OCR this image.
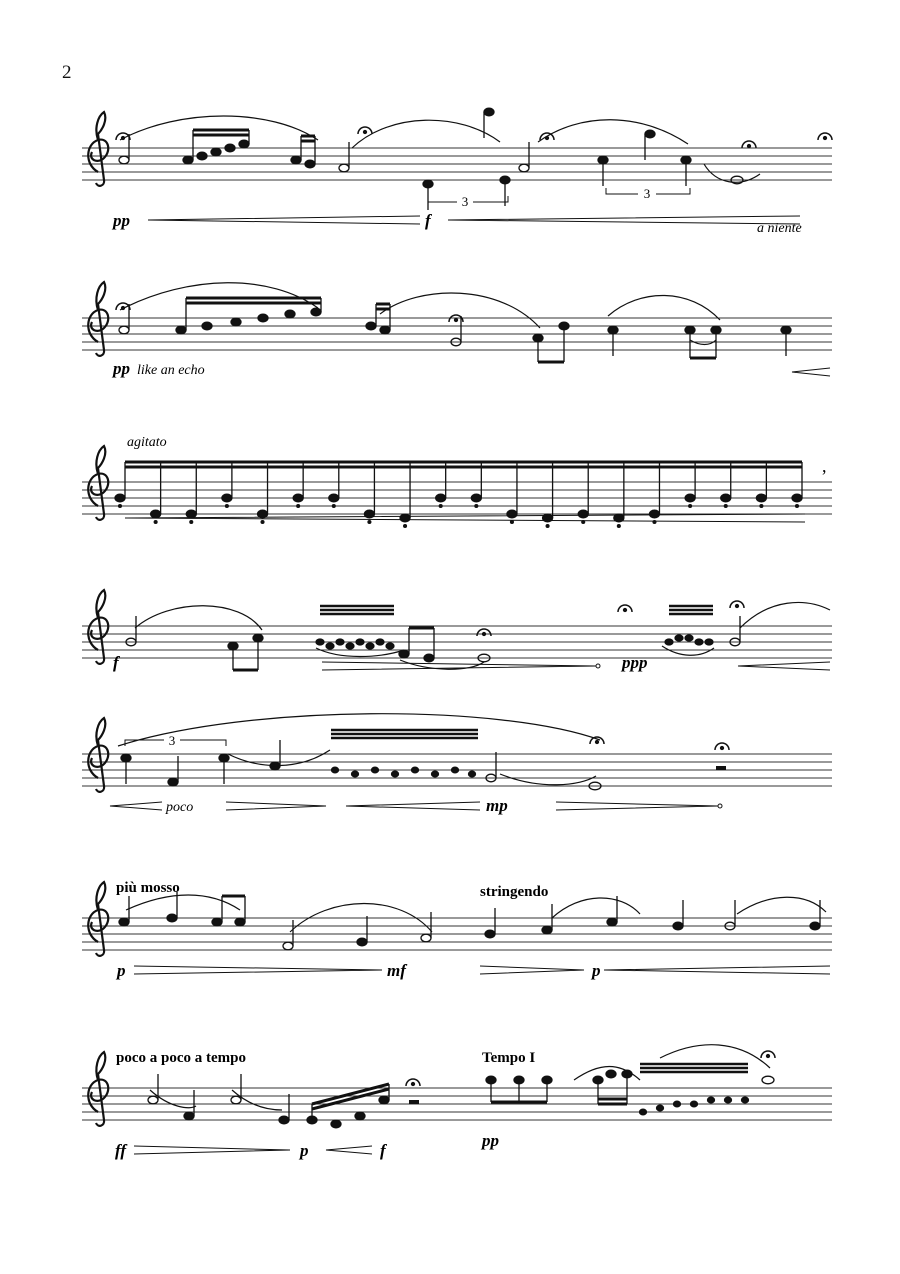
2
3
3
pp	f	a niente
pp like an echo
agitato
,
f	ppp
3
poco	mp
più mosso	stringendo
p	mf	p
poco a poco a tempo	Tempo I
ff	p	f
pp
